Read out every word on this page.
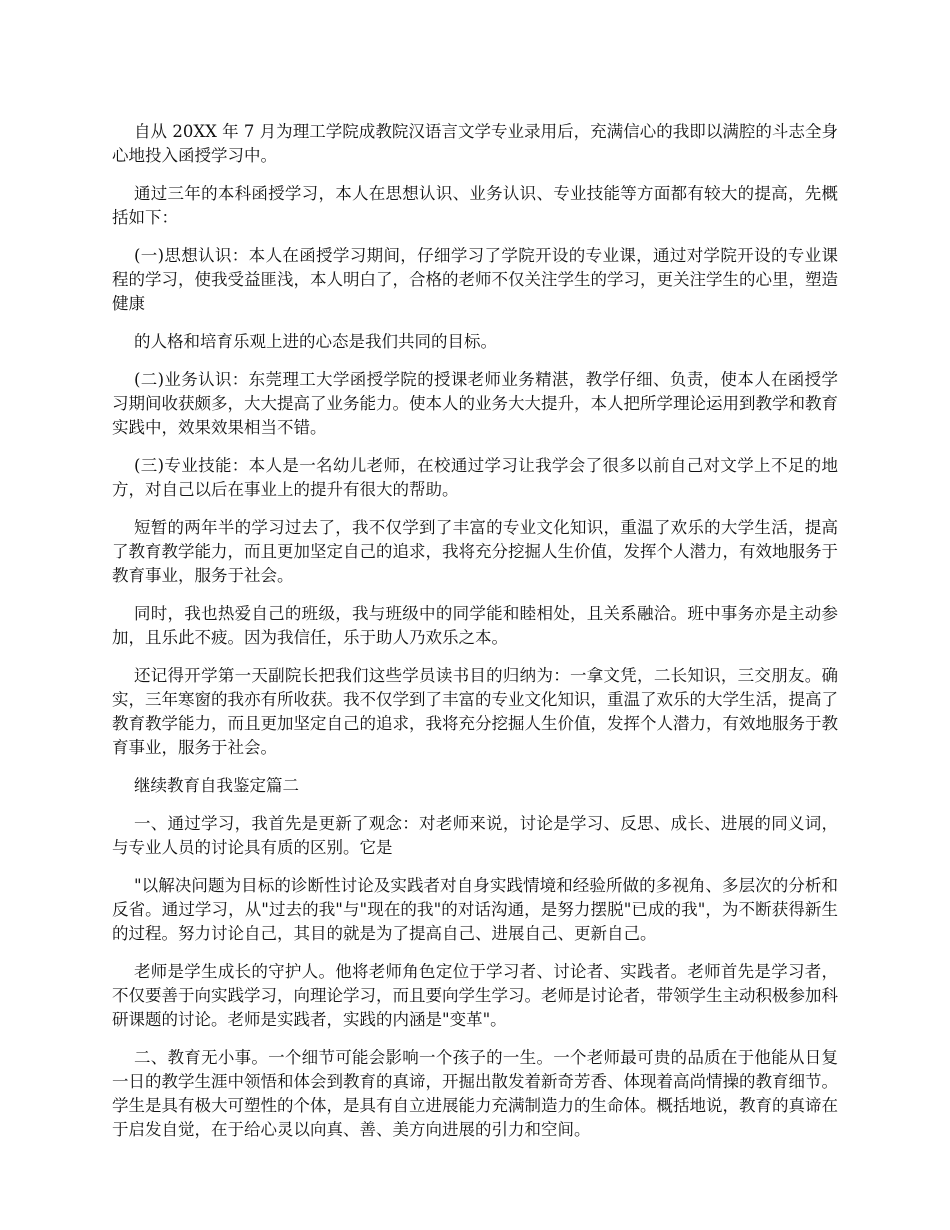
自从 20XX 年 7 月为理工学院成教院汉语言文学专业录用后，充满信心的我即以满腔的斗志全身心地投入函授学习中。

通过三年的本科函授学习，本人在思想认识、业务认识、专业技能等方面都有较大的提高，先概括如下：

(一)思想认识：本人在函授学习期间，仔细学习了学院开设的专业课，通过对学院开设的专业课程的学习，使我受益匪浅，本人明白了，合格的老师不仅关注学生的学习，更关注学生的心里，塑造健康

的人格和培育乐观上进的心态是我们共同的目标。

(二)业务认识：东莞理工大学函授学院的授课老师业务精湛，教学仔细、负责，使本人在函授学习期间收获颇多，大大提高了业务能力。使本人的业务大大提升，本人把所学理论运用到教学和教育实践中，效果效果相当不错。

(三)专业技能：本人是一名幼儿老师，在校通过学习让我学会了很多以前自己对文学上不足的地方，对自己以后在事业上的提升有很大的帮助。

短暂的两年半的学习过去了，我不仅学到了丰富的专业文化知识，重温了欢乐的大学生活，提高了教育教学能力，而且更加坚定自己的追求，我将充分挖掘人生价值，发挥个人潜力，有效地服务于教育事业，服务于社会。

同时，我也热爱自己的班级，我与班级中的同学能和睦相处，且关系融洽。班中事务亦是主动参加，且乐此不疲。因为我信任，乐于助人乃欢乐之本。

还记得开学第一天副院长把我们这些学员读书目的归纳为：一拿文凭，二长知识，三交朋友。确实，三年寒窗的我亦有所收获。我不仅学到了丰富的专业文化知识，重温了欢乐的大学生活，提高了教育教学能力，而且更加坚定自己的追求，我将充分挖掘人生价值，发挥个人潜力，有效地服务于教育事业，服务于社会。

继续教育自我鉴定篇二

一、通过学习，我首先是更新了观念：对老师来说，讨论是学习、反思、成长、进展的同义词，与专业人员的讨论具有质的区别。它是

"以解决问题为目标的诊断性讨论及实践者对自身实践情境和经验所做的多视角、多层次的分析和反省。通过学习，从"过去的我"与"现在的我"的对话沟通，是努力摆脱"已成的我"，为不断获得新生的过程。努力讨论自己，其目的就是为了提高自己、进展自己、更新自己。

老师是学生成长的守护人。他将老师角色定位于学习者、讨论者、实践者。老师首先是学习者，不仅要善于向实践学习，向理论学习，而且要向学生学习。老师是讨论者，带领学生主动积极参加科研课题的讨论。老师是实践者，实践的内涵是"变革"。

二、教育无小事。一个细节可能会影响一个孩子的一生。一个老师最可贵的品质在于他能从日复一日的教学生涯中领悟和体会到教育的真谛，开掘出散发着新奇芳香、体现着高尚情操的教育细节。学生是具有极大可塑性的个体，是具有自立进展能力充满制造力的生命体。概括地说，教育的真谛在于启发自觉，在于给心灵以向真、善、美方向进展的引力和空间。
